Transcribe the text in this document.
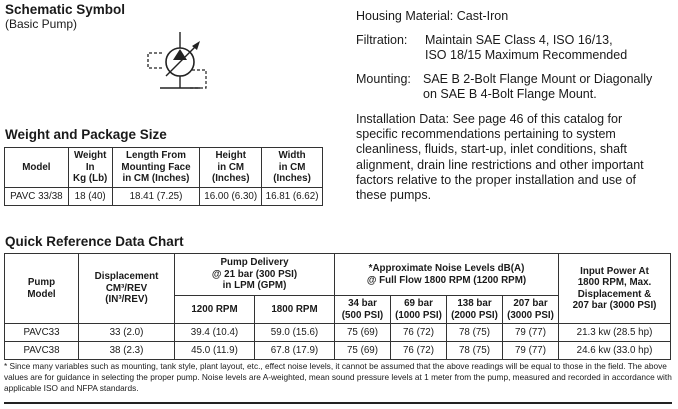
Schematic Symbol
(Basic Pump)
Weight and Package Size
Model	Weight
In
Kg (Lb)	Length From
Mounting Face
in CM (Inches)	Height
in CM
(Inches)	Width
in CM
(Inches)
PAVC 33/38	18 (40)	18.41 (7.25)	16.00 (6.30)	16.81 (6.62)
Housing Material: Cast-Iron
Filtration: Maintain SAE Class 4, ISO 16/13,
ISO 18/15 Maximum Recommended
Mounting: SAE B 2-Bolt Flange Mount or Diagonally
on SAE B 4-Bolt Flange Mount.
Installation Data: See page 46 of this catalog for
specific recommendations pertaining to system
cleanliness, fluids, start-up, inlet conditions, shaft
alignment, drain line restrictions and other important
factors relative to the proper installation and use of
these pumps.
Quick Reference Data Chart
Pump
Model	Displacement
CM³/REV
(IN³/REV)	Pump Delivery
@ 21 bar (300 PSI)
in LPM (GPM)		*Approximate Noise Levels dB(A)
@ Full Flow 1800 RPM (1200 RPM)				Input Power At
1800 RPM, Max.
Displacement &
207 bar (3000 PSI)
		1200 RPM	1800 RPM	34 bar
(500 PSI)	69 bar
(1000 PSI)	138 bar
(2000 PSI)	207 bar
(3000 PSI)	
PAVC33	33 (2.0)	39.4 (10.4)	59.0 (15.6)	75 (69)	76 (72)	78 (75)	79 (77)	21.3 kw (28.5 hp)
PAVC38	38 (2.3)	45.0 (11.9)	67.8 (17.9)	75 (69)	76 (72)	78 (75)	79 (77)	24.6 kw (33.0 hp)
* Since many variables such as mounting, tank style, plant layout, etc., effect noise levels, it cannot be assumed that the above readings will be equal to those in the field. The above values are for guidance in selecting the proper pump. Noise levels are A-weighted, mean sound pressure levels at 1 meter from the pump, measured and recorded in accordance with applicable ISO and NFPA standards.
